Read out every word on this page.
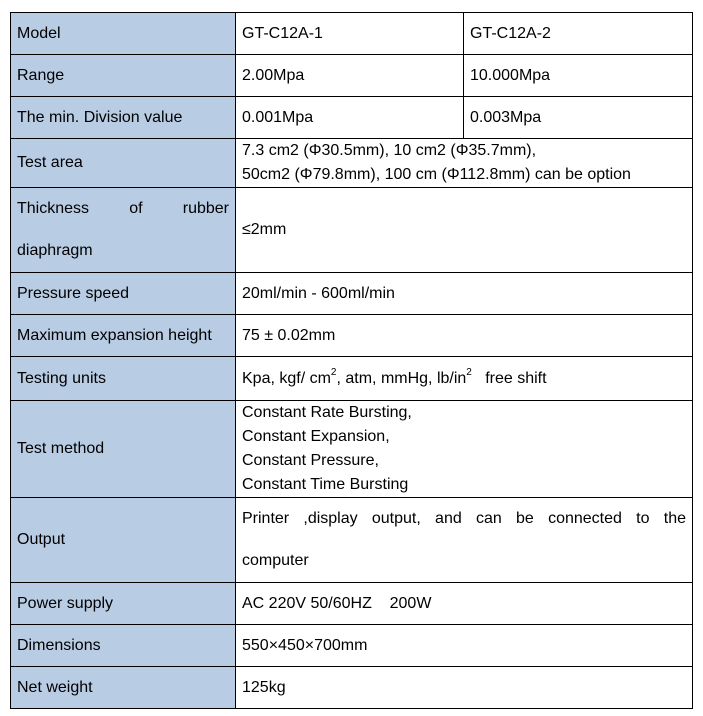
Model	GT-C12A-1	GT-C12A-2
Range	2.00Mpa	10.000Mpa
The min. Division value	0.001Mpa	0.003Mpa
Test area	7.3 cm2 (Φ30.5mm), 10 cm2 (Φ35.7mm),
50cm2 (Φ79.8mm), 100 cm (Φ112.8mm) can be option	

Thickness of rubber
diaphragm	≤2mm	
Pressure speed	20ml/min - 600ml/min	
Maximum expansion height	75 ± 0.02mm	
Testing units	Kpa, kgf/ $cm^2$, atm, mmHg, $lb/in^2$   free shift	
Test method	Constant Rate Bursting,
Constant Expansion,
Constant Pressure,
Constant Time Bursting	

Output	Printer ,display output, and can be connected to the
computer	

Power supply	AC 220V 50/60HZ    200W	
Dimensions	550×450×700mm	
Net weight	125kg	
